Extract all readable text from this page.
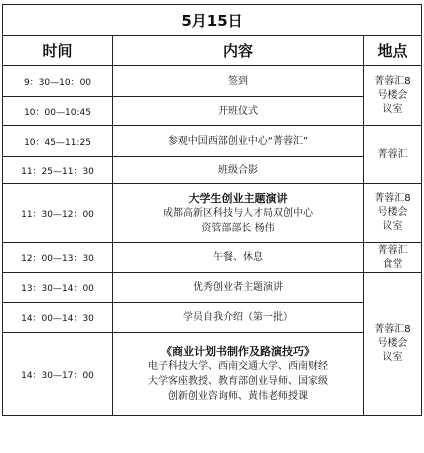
5月15日		
时间	内容	地点
9：30—10：00	签到	菁蓉汇8
号楼会
议室

10：00—10:45	开班仪式	
10：45—11:25	参观中国西部创业中心“菁蓉汇”	菁蓉汇

11：25—11：30	班级合影	
11：30—12：00	大学生创业主题演讲
成都高新区科技与人才局双创中心
资管部部长 杨伟	菁蓉汇8
号楼会
议室

12：00—13：30	午餐、休息	菁蓉汇
食堂

13：30—14：00	优秀创业者主题演讲	菁蓉汇8
号楼会
议室

14：00—14：30	学员自我介绍（第一批）	
14：30—17：00	《商业计划书制作及路演技巧》
电子科技大学、西南交通大学、西南财经
大学客座教授、教育部创业导师、国家级
创新创业咨询师、黄伟老师授课	
